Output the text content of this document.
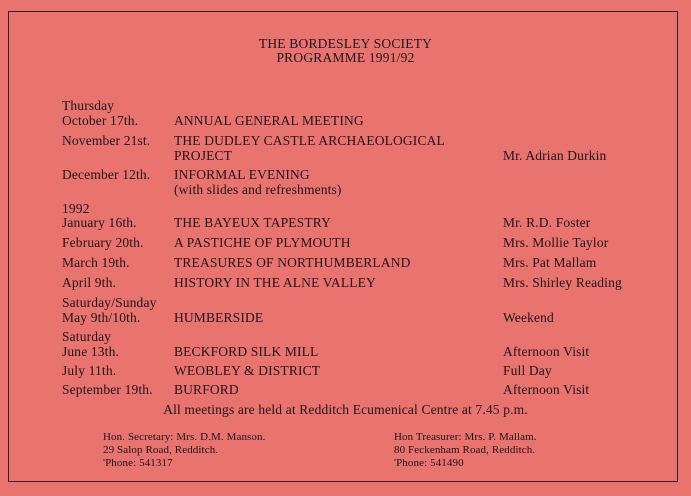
THE BORDESLEY SOCIETY
PROGRAMME 1991/92
Thursday
October 17th.	ANNUAL GENERAL MEETING
November 21st. THE DUDLEY CASTLE ARCHAEOLOGICAL
PROJECT	Mr. Adrian Durkin
December 12th. INFORMAL EVENING
(with slides and refreshments)
1992
January 16th.	THE BAYEUX TAPESTRY	Mr. R.D. Foster
February 20th. A PASTICHE OF PLYMOUTH	Mrs. Mollie Taylor
March 19th.	TREASURES OF NORTHUMBERLAND	Mrs. Pat Mallam
April 9th.	HISTORY IN THE ALNE VALLEY	Mrs. Shirley Reading
Saturday/Sunday
May 9th/10th. HUMBERSIDE	Weekend
Saturday
June 13th.	BECKFORD SILK MILL	Afternoon Visit
July 11th.	WEOBLEY & DISTRICT	Full Day
September 19th. BURFORD	Afternoon Visit
All meetings are held at Redditch Ecumenical Centre at 7.45 p.m.
Hon. Secretary: Mrs. D.M. Manson.
29 Salop Road, Redditch.
'Phone: 541317
Hon Treasurer: Mrs. P. Mallam.
80 Feckenham Road, Redditch.
'Phone: 541490
